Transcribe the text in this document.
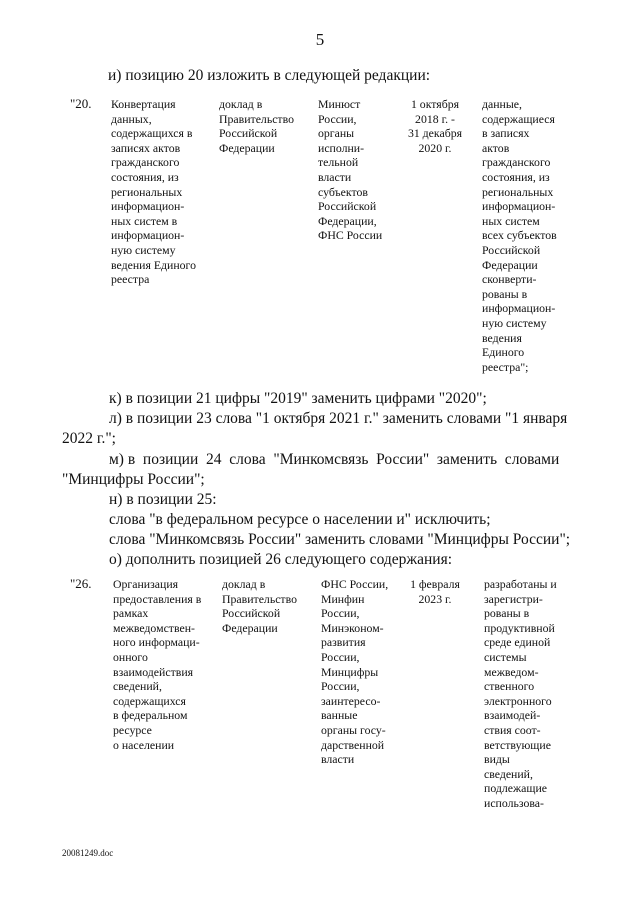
5
и) позицию 20 изложить в следующей редакции:
"20. Конвертация
данных,
содержащихся в
записях актов
гражданского
состояния, из
региональных
информацион-
ных систем в
информацион-
ную систему
ведения Единого
реестра
доклад в
Правительство
Российской
Федерации
Минюст
России,
органы
исполни-
тельной
власти
субъектов
Российской
Федерации,
ФНС России
1 октября
2018 г. -
31 декабря
2020 г.
данные,
содержащиеся
в записях
актов
гражданского
состояния, из
региональных
информацион-
ных систем
всех субъектов
Российской
Федерации
сконверти-
рованы в
информацион-
ную систему
ведения
Единого
реестра";
к) в позиции 21 цифры "2019" заменить цифрами "2020";
л) в позиции 23 слова "1 октября 2021 г." заменить словами "1 января
2022 г.";
м) в  позиции  24  слова  "Минкомсвязь  России"  заменить  словами
"Минцифры России";
н) в позиции 25:
слова "в федеральном ресурсе о населении и" исключить;
слова "Минкомсвязь России" заменить словами "Минцифры России";
о) дополнить позицией 26 следующего содержания:
"26. Организация
предоставления в
рамках
межведомствен-
ного информаци-
онного
взаимодействия
сведений,
содержащихся
в федеральном
ресурсе
о населении
доклад в
Правительство
Российской
Федерации
ФНС России,
Минфин
России,
Минэконом-
развития
России,
Минцифры
России,
заинтересо-
ванные
органы госу-
дарственной
власти
1 февраля
2023 г.
разработаны и
зарегистри-
рованы в
продуктивной
среде единой
системы
межведом-
ственного
электронного
взаимодей-
ствия соот-
ветствующие
виды
сведений,
подлежащие
использова-
20081249.doc
